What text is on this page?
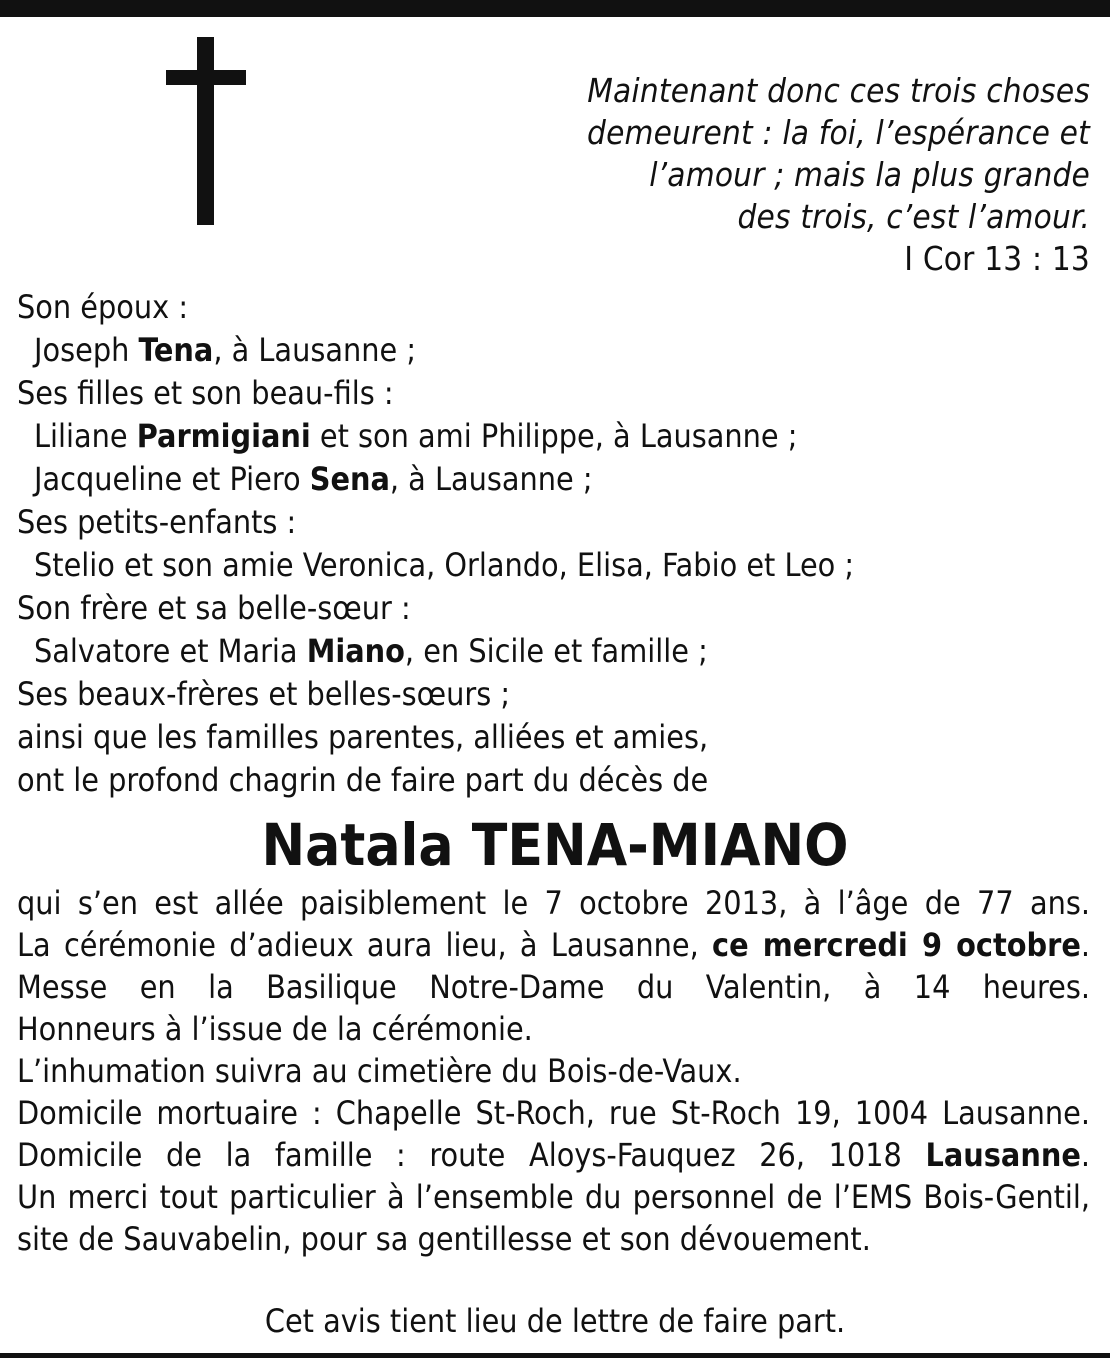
Maintenant donc ces trois choses
demeurent : la foi, l’espérance et
l’amour ; mais la plus grande
des trois, c’est l’amour.
I Cor 13 : 13
Son époux :
Joseph Tena, à Lausanne ;
Ses filles et son beau-fils :
Liliane Parmigiani et son ami Philippe, à Lausanne ;
Jacqueline et Piero Sena, à Lausanne ;
Ses petits-enfants :
Stelio et son amie Veronica, Orlando, Elisa, Fabio et Leo ;
Son frère et sa belle-sœur :
Salvatore et Maria Miano, en Sicile et famille ;
Ses beaux-frères et belles-sœurs ;
ainsi que les familles parentes, alliées et amies,
ont le profond chagrin de faire part du décès de
Natala TENA-MIANO
qui s’en est allée paisiblement le 7 octobre 2013, à l’âge de 77 ans.
La cérémonie d’adieux aura lieu, à Lausanne, ce mercredi 9 octobre.
Messe en la Basilique Notre-Dame du Valentin, à 14 heures.
Honneurs à l’issue de la cérémonie.
L’inhumation suivra au cimetière du Bois-de-Vaux.
Domicile mortuaire : Chapelle St-Roch, rue St-Roch 19, 1004 Lausanne.
Domicile de la famille : route Aloys-Fauquez 26, 1018 Lausanne.
Un merci tout particulier à l’ensemble du personnel de l’EMS Bois-Gentil,
site de Sauvabelin, pour sa gentillesse et son dévouement.
Cet avis tient lieu de lettre de faire part.
